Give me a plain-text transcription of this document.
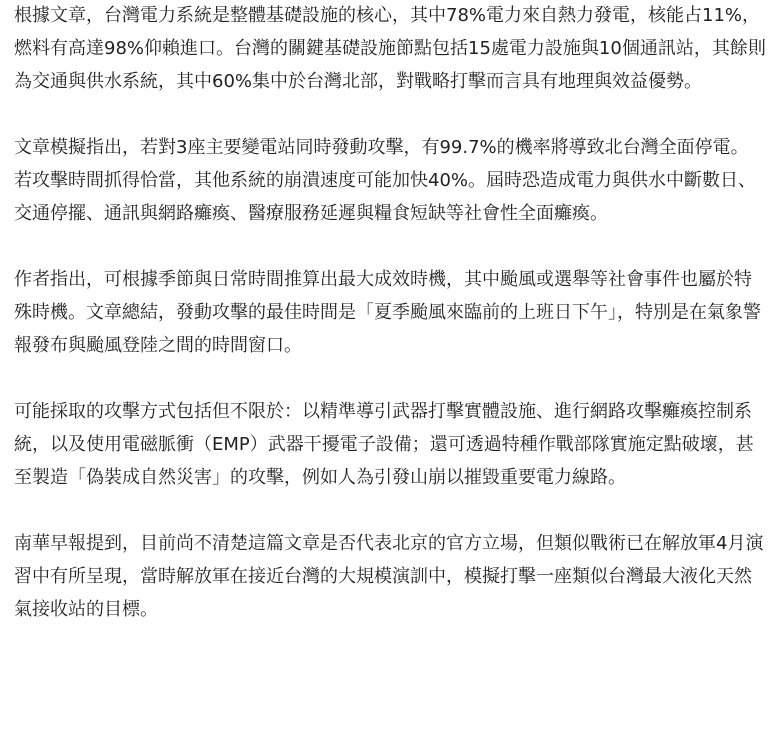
根據文章，台灣電力系統是整體基礎設施的核心，其中78%電力來自熱力發電，核能占11%，燃料有高達98%仰賴進口。台灣的關鍵基礎設施節點包括15處電力設施與10個通訊站，其餘則為交通與供水系統，其中60%集中於台灣北部，對戰略打擊而言具有地理與效益優勢。

文章模擬指出，若對3座主要變電站同時發動攻擊，有99.7%的機率將導致北台灣全面停電。若攻擊時間抓得恰當，其他系統的崩潰速度可能加快40%。屆時恐造成電力與供水中斷數日、交通停擺、通訊與網路癱瘓、醫療服務延遲與糧食短缺等社會性全面癱瘓。

作者指出，可根據季節與日常時間推算出最大成效時機，其中颱風或選舉等社會事件也屬於特殊時機。文章總結，發動攻擊的最佳時間是「夏季颱風來臨前的上班日下午」，特別是在氣象警報發布與颱風登陸之間的時間窗口。

可能採取的攻擊方式包括但不限於：以精準導引武器打擊實體設施、進行網路攻擊癱瘓控制系統，以及使用電磁脈衝（EMP）武器干擾電子設備；還可透過特種作戰部隊實施定點破壞，甚至製造「偽裝成自然災害」的攻擊，例如人為引發山崩以摧毀重要電力線路。

南華早報提到，目前尚不清楚這篇文章是否代表北京的官方立場，但類似戰術已在解放軍4月演習中有所呈現，當時解放軍在接近台灣的大規模演訓中，模擬打擊一座類似台灣最大液化天然氣接收站的目標。
